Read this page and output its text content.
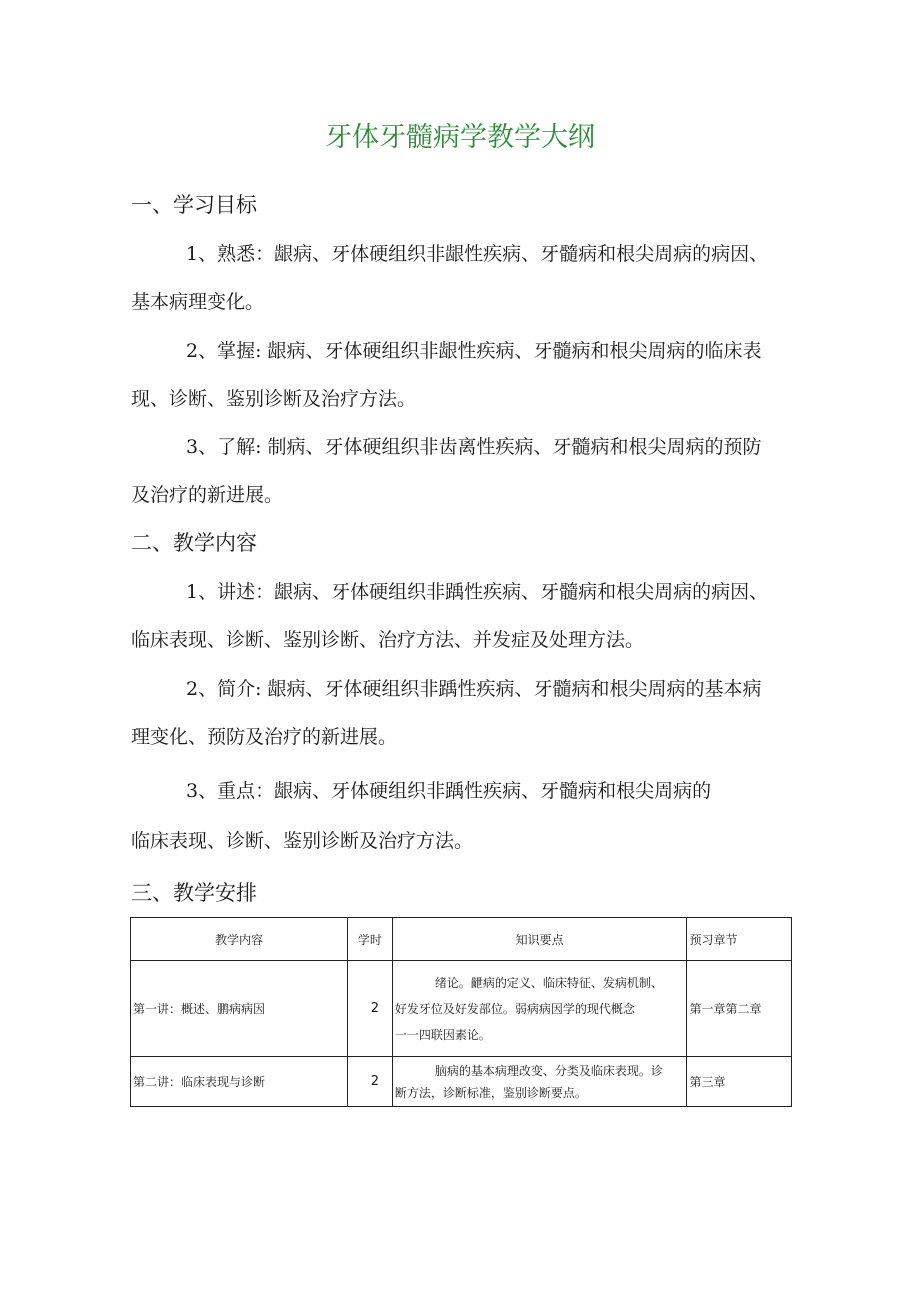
牙体牙髓病学教学大纲
一、学习目标
1、熟悉：龈病、牙体硬组织非龈性疾病、牙髓病和根尖周病的病因、
基本病理变化。
2、掌握: 龈病、牙体硬组织非龈性疾病、牙髓病和根尖周病的临床表
现、诊断、鉴别诊断及治疗方法。
3、了解: 制病、牙体硬组织非齿离性疾病、牙髓病和根尖周病的预防
及治疗的新进展。
二、教学内容
1、讲述：龈病、牙体硬组织非踽性疾病、牙髓病和根尖周病的病因、
临床表现、诊断、鉴别诊断、治疗方法、并发症及处理方法。
2、简介: 龈病、牙体硬组织非踽性疾病、牙髓病和根尖周病的基本病
理变化、预防及治疗的新进展。
3、重点：龈病、牙体硬组织非踽性疾病、牙髓病和根尖周病的
临床表现、诊断、鉴别诊断及治疗方法。
三、教学安排
教学内容	学时	知识要点	预习章节
第一讲：概述、鹏病病因	2	绪论。齛病的定义、临床特征、发病机制、
好发牙位及好发部位。弱病病因学的现代概念
一一四联因素论。	第一章第二章
第二讲：临床表现与诊断	2	脑病的基本病理改变、分类及临床表现。诊
断方法，诊断标准，鉴别诊断要点。	第三章
